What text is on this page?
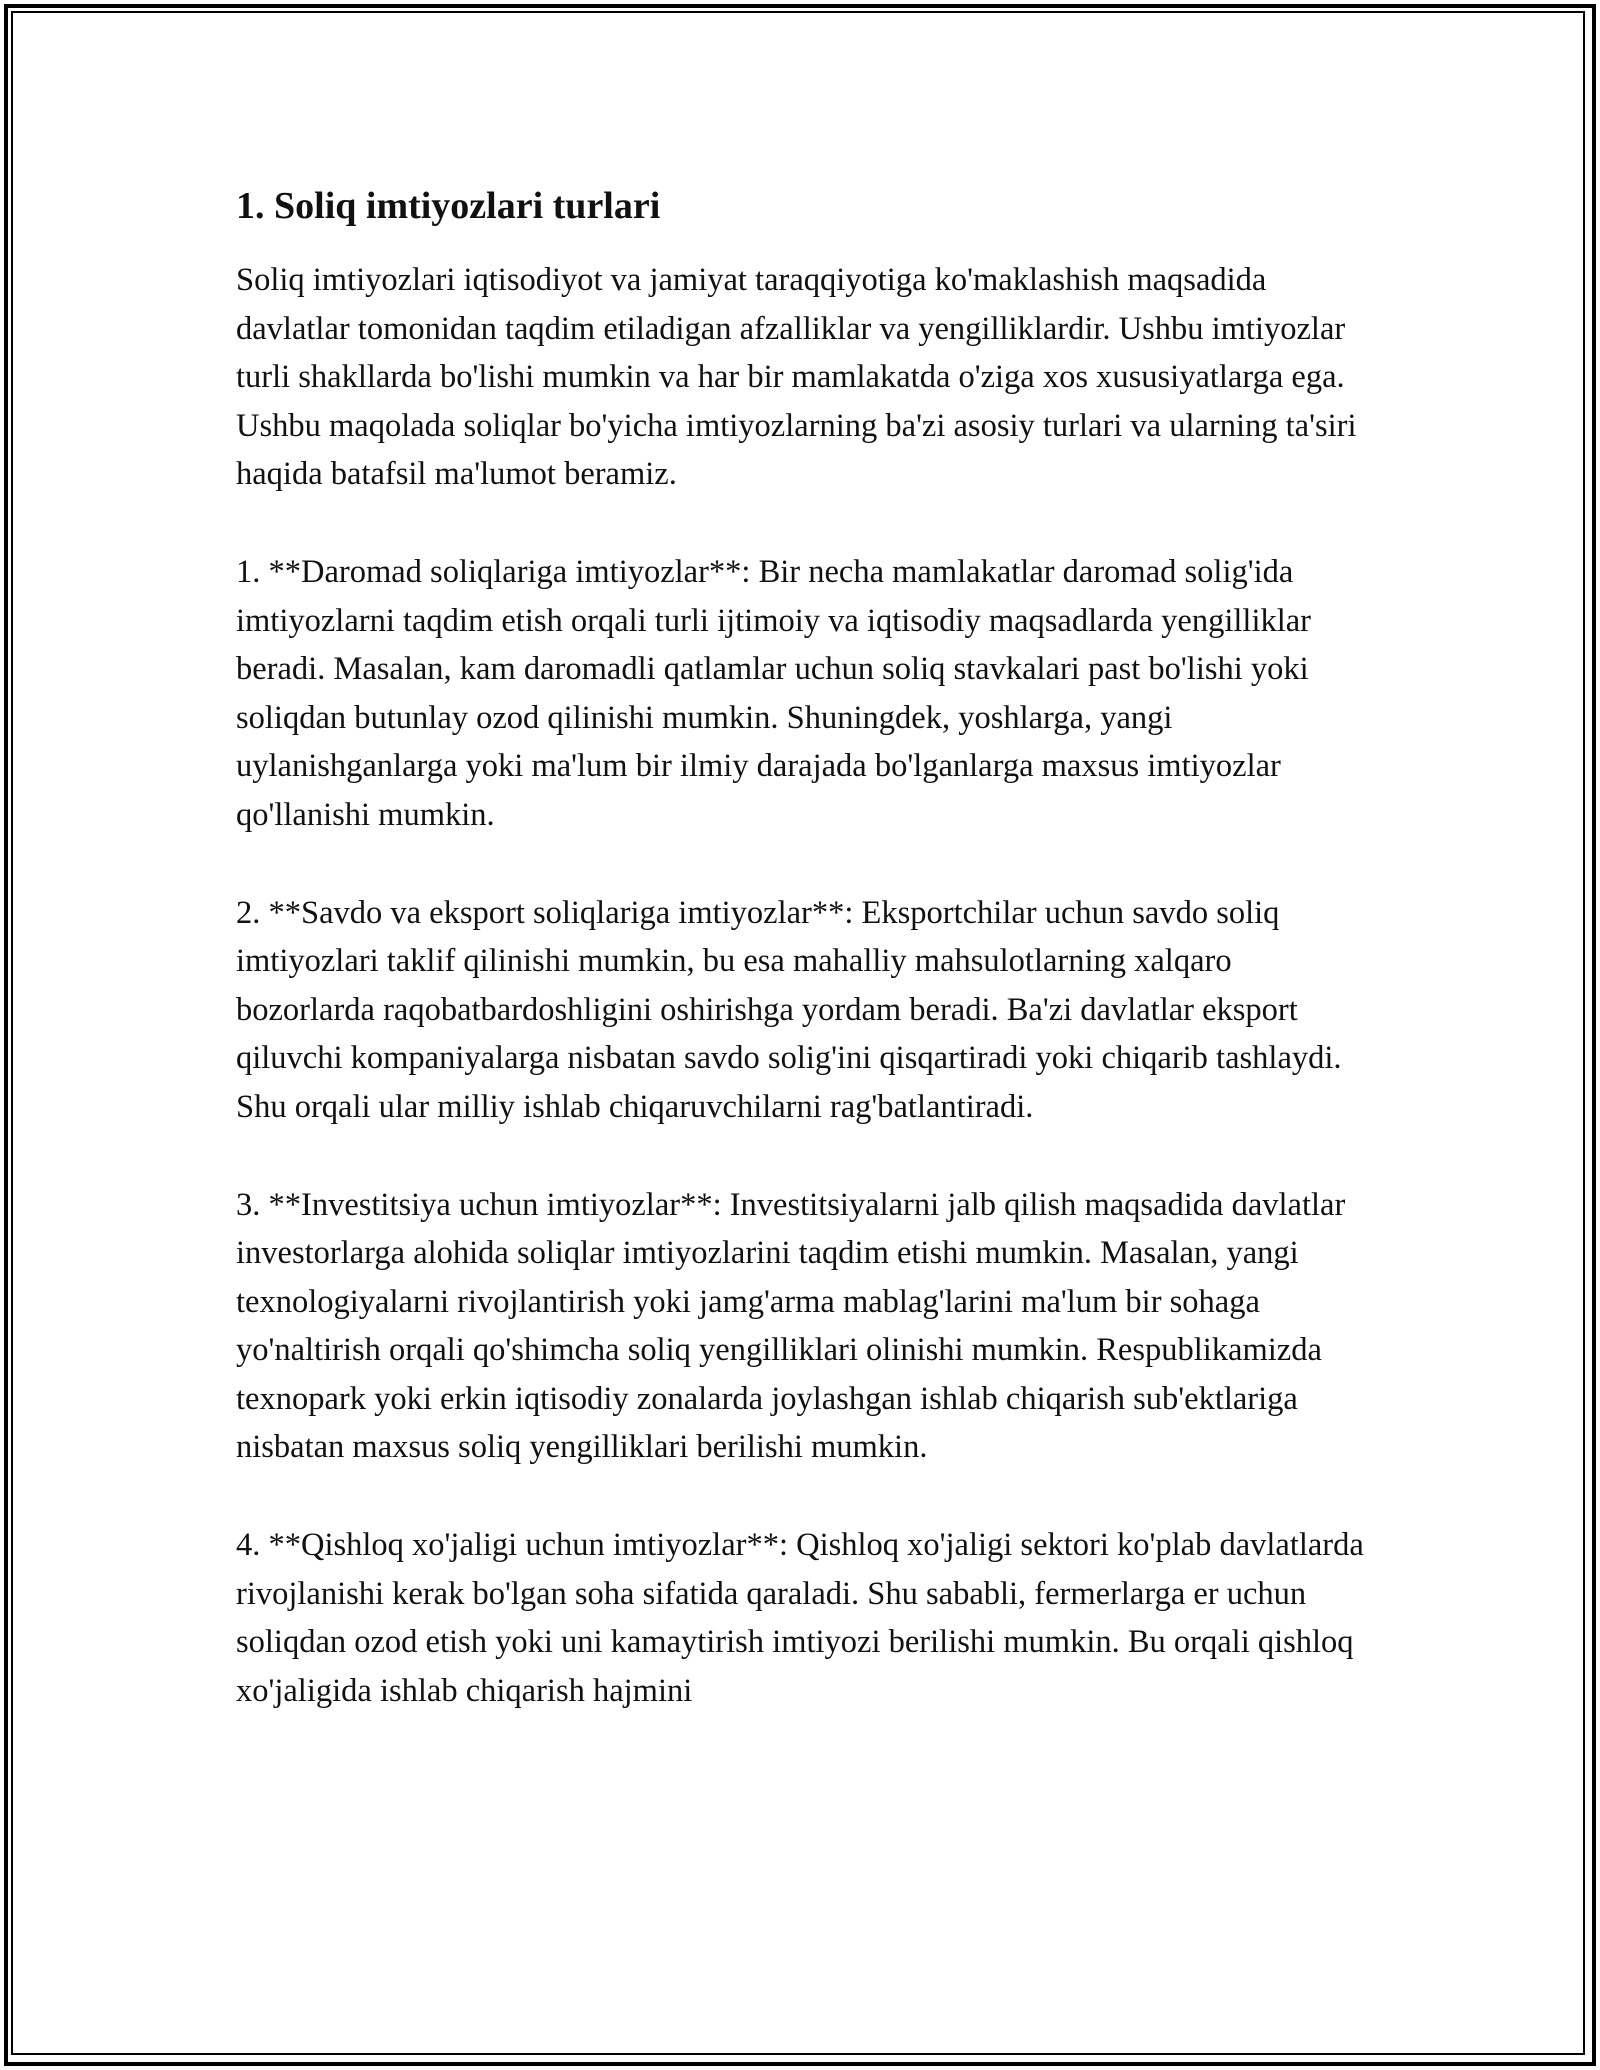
1. Soliq imtiyozlari turlari

Soliq imtiyozlari iqtisodiyot va jamiyat taraqqiyotiga ko'maklashish maqsadida davlatlar tomonidan taqdim etiladigan afzalliklar va yengilliklardir. Ushbu imtiyozlar turli shakllarda bo'lishi mumkin va har bir mamlakatda o'ziga xos xususiyatlarga ega. Ushbu maqolada soliqlar bo'yicha imtiyozlarning ba'zi asosiy turlari va ularning ta'siri haqida batafsil ma'lumot beramiz.

1. **Daromad soliqlariga imtiyozlar**: Bir necha mamlakatlar daromad solig'ida imtiyozlarni taqdim etish orqali turli ijtimoiy va iqtisodiy maqsadlarda yengilliklar beradi. Masalan, kam daromadli qatlamlar uchun soliq stavkalari past bo'lishi yoki soliqdan butunlay ozod qilinishi mumkin. Shuningdek, yoshlarga, yangi uylanishganlarga yoki ma'lum bir ilmiy darajada bo'lganlarga maxsus imtiyozlar qo'llanishi mumkin.

2. **Savdo va eksport soliqlariga imtiyozlar**: Eksportchilar uchun savdo soliq imtiyozlari taklif qilinishi mumkin, bu esa mahalliy mahsulotlarning xalqaro bozorlarda raqobatbardoshligini oshirishga yordam beradi. Ba'zi davlatlar eksport qiluvchi kompaniyalarga nisbatan savdo solig'ini qisqartiradi yoki chiqarib tashlaydi. Shu orqali ular milliy ishlab chiqaruvchilarni rag'batlantiradi.

3. **Investitsiya uchun imtiyozlar**: Investitsiyalarni jalb qilish maqsadida davlatlar investorlarga alohida soliqlar imtiyozlarini taqdim etishi mumkin. Masalan, yangi texnologiyalarni rivojlantirish yoki jamg'arma mablag'larini ma'lum bir sohaga yo'naltirish orqali qo'shimcha soliq yengilliklari olinishi mumkin. Respublikamizda texnopark yoki erkin iqtisodiy zonalarda joylashgan ishlab chiqarish sub'ektlariga nisbatan maxsus soliq yengilliklari berilishi mumkin.

4. **Qishloq xo'jaligi uchun imtiyozlar**: Qishloq xo'jaligi sektori ko'plab davlatlarda rivojlanishi kerak bo'lgan soha sifatida qaraladi. Shu sababli, fermerlarga er uchun soliqdan ozod etish yoki uni kamaytirish imtiyozi berilishi mumkin. Bu orqali qishloq xo'jaligida ishlab chiqarish hajmini
